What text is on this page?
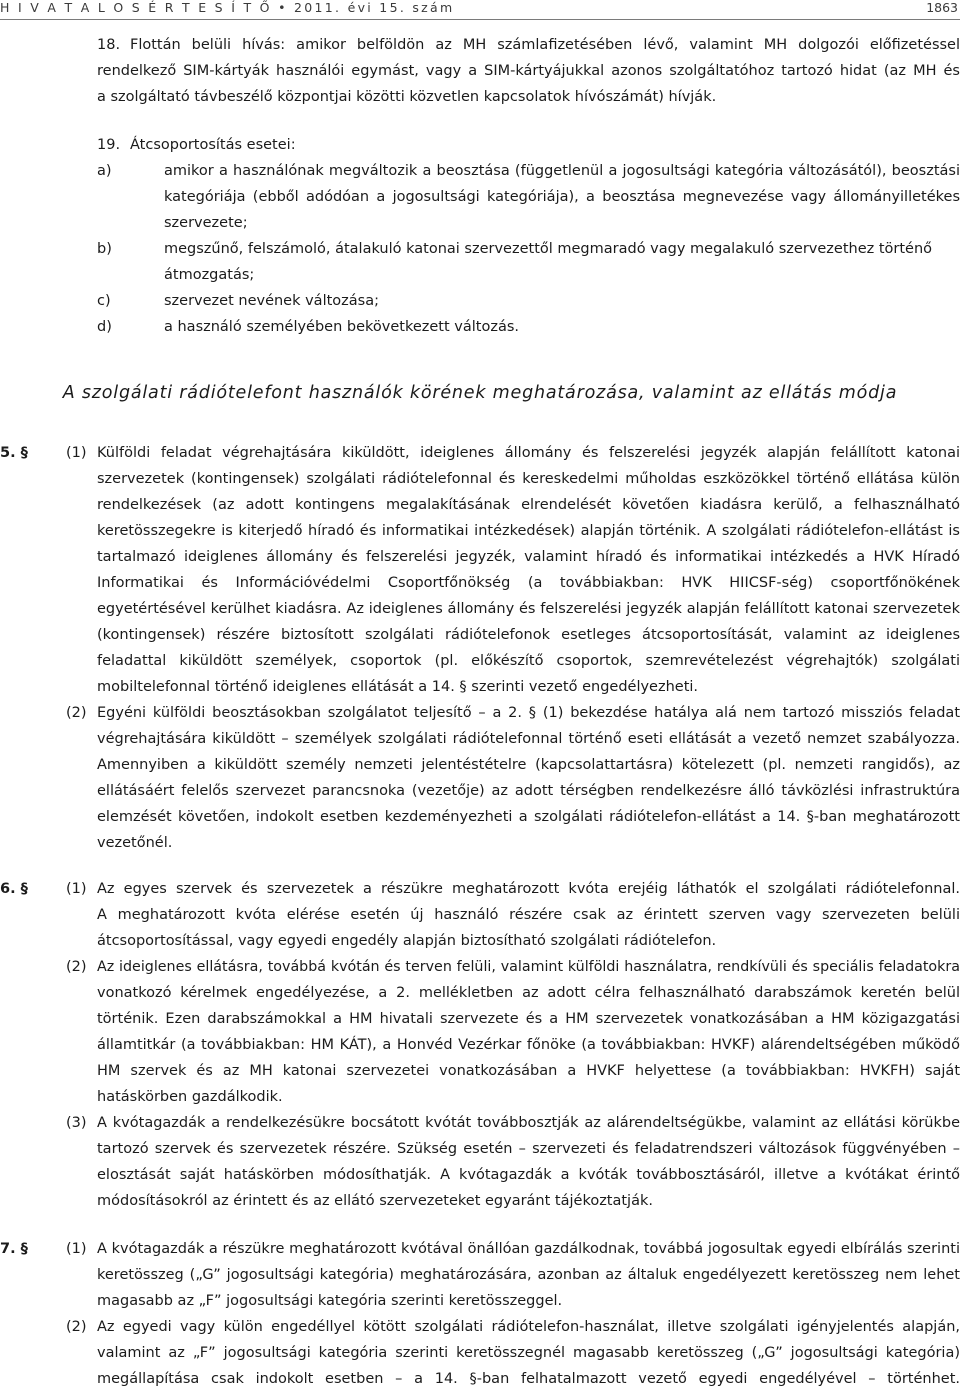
H I V A T A L O S É R T E S Í T Ő • 2011. évi 15. szám	1863
18. Flottán belüli hívás: amikor belföldön az MH számlafizetésében lévő, valamint MH dolgozói előfizetéssel
rendelkező SIM-kártyák használói egymást, vagy a SIM-kártyájukkal azonos szolgáltatóhoz tartozó hidat (az MH és
a szolgáltató távbeszélő központjai közötti közvetlen kapcsolatok hívószámát) hívják.
19. Átcsoportosítás esetei:
a)	amikor a használónak megváltozik a beosztása (függetlenül a jogosultsági kategória változásától), beosztási
kategóriája (ebből adódóan a jogosultsági kategóriája), a beosztása megnevezése vagy állományilletékes
szervezete;
b)	megszűnő, felszámoló, átalakuló katonai szervezettől megmaradó vagy megalakuló szervezethez történő
átmozgatás;
c)	szervezet nevének változása;
d)	a használó személyében bekövetkezett változás.
A szolgálati rádiótelefont használók körének meghatározása, valamint az ellátás módja
5. §	(1) Külföldi feladat végrehajtására kiküldött, ideiglenes állomány és felszerelési jegyzék alapján felállított katonai
szervezetek (kontingensek) szolgálati rádiótelefonnal és kereskedelmi műholdas eszközökkel történő ellátása külön
rendelkezések (az adott kontingens megalakításának elrendelését követően kiadásra kerülő, a felhasználható
keretösszegekre is kiterjedő híradó és informatikai intézkedések) alapján történik. A szolgálati rádiótelefon-ellátást is
tartalmazó ideiglenes állomány és felszerelési jegyzék, valamint híradó és informatikai intézkedés a HVK Híradó
Informatikai és Információvédelmi Csoportfőnökség (a továbbiakban: HVK HIICSF-ség) csoportfőnökének
egyetértésével kerülhet kiadásra. Az ideiglenes állomány és felszerelési jegyzék alapján felállított katonai szervezetek
(kontingensek) részére biztosított szolgálati rádiótelefonok esetleges átcsoportosítását, valamint az ideiglenes
feladattal kiküldött személyek, csoportok (pl. előkészítő csoportok, szemrevételezést végrehajtók) szolgálati
mobiltelefonnal történő ideiglenes ellátását a 14. § szerinti vezető engedélyezheti.
(2) Egyéni külföldi beosztásokban szolgálatot teljesítő – a 2. § (1) bekezdése hatálya alá nem tartozó missziós feladat
végrehajtására kiküldött – személyek szolgálati rádiótelefonnal történő eseti ellátását a vezető nemzet szabályozza.
Amennyiben a kiküldött személy nemzeti jelentéstételre (kapcsolattartásra) kötelezett (pl. nemzeti rangidős), az
ellátásáért felelős szervezet parancsnoka (vezetője) az adott térségben rendelkezésre álló távközlési infrastruktúra
elemzését követően, indokolt esetben kezdeményezheti a szolgálati rádiótelefon-ellátást a 14. §-ban meghatározott
vezetőnél.
6. §	(1) Az egyes szervek és szervezetek a részükre meghatározott kvóta erejéig láthatók el szolgálati rádiótelefonnal.
A meghatározott kvóta elérése esetén új használó részére csak az érintett szerven vagy szervezeten belüli
átcsoportosítással, vagy egyedi engedély alapján biztosítható szolgálati rádiótelefon.
(2) Az ideiglenes ellátásra, továbbá kvótán és terven felüli, valamint külföldi használatra, rendkívüli és speciális feladatokra
vonatkozó kérelmek engedélyezése, a 2. mellékletben az adott célra felhasználható darabszámok keretén belül
történik. Ezen darabszámokkal a HM hivatali szervezete és a HM szervezetek vonatkozásában a HM közigazgatási
államtitkár (a továbbiakban: HM KÁT), a Honvéd Vezérkar főnöke (a továbbiakban: HVKF) alárendeltségében működő
HM szervek és az MH katonai szervezetei vonatkozásában a HVKF helyettese (a továbbiakban: HVKFH) saját
hatáskörben gazdálkodik.
(3) A kvótagazdák a rendelkezésükre bocsátott kvótát továbbosztják az alárendeltségükbe, valamint az ellátási körükbe
tartozó szervek és szervezetek részére. Szükség esetén – szervezeti és feladatrendszeri változások függvényében –
elosztását saját hatáskörben módosíthatják. A kvótagazdák a kvóták továbbosztásáról, illetve a kvótákat érintő
módosításokról az érintett és az ellátó szervezeteket egyaránt tájékoztatják.
7. §	(1) A kvótagazdák a részükre meghatározott kvótával önállóan gazdálkodnak, továbbá jogosultak egyedi elbírálás szerinti
keretösszeg („G” jogosultsági kategória) meghatározására, azonban az általuk engedélyezett keretösszeg nem lehet
magasabb az „F” jogosultsági kategória szerinti keretösszeggel.
(2) Az egyedi vagy külön engedéllyel kötött szolgálati rádiótelefon-használat, illetve szolgálati igényjelentés alapján,
valamint az „F” jogosultsági kategória szerinti keretösszegnél magasabb keretösszeg („G” jogosultsági kategória)
megállapítása csak indokolt esetben – a 14. §-ban felhatalmazott vezető egyedi engedélyével – történhet.
